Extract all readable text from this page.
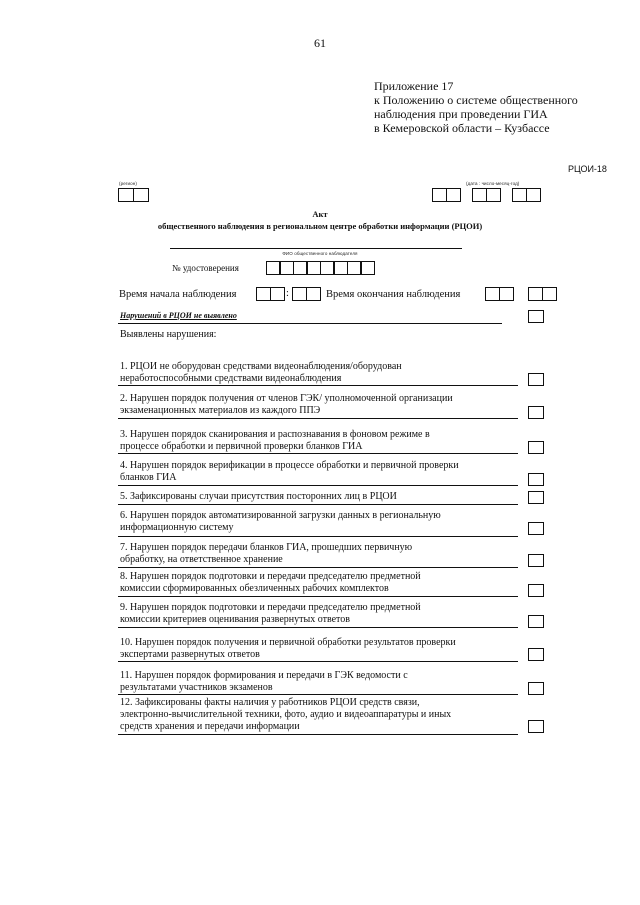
61
Приложение 17
к Положению о системе общественного
наблюдения при проведении ГИА
в Кемеровской области – Кузбассе
РЦОИ-18
(регион)	(дата : число-месяц-год)
Акт
общественного наблюдения в региональном центре обработки информации (РЦОИ)
ФИО общественного наблюдателя
№ удостоверения
Время начала наблюдения	:	Время окончания наблюдения
Нарушений в РЦОИ не выявлено
Выявлены нарушения:
1. РЦОИ не оборудован средствами видеонаблюдения/оборудован
неработоспособными средствами видеонаблюдения
2. Нарушен порядок получения от членов ГЭК/ уполномоченной организации
экзаменационных материалов из каждого ППЭ
3. Нарушен порядок сканирования и распознавания в фоновом режиме в
процессе обработки и первичной проверки бланков ГИА
4. Нарушен порядок верификации в процессе обработки и первичной проверки
бланков ГИА
5. Зафиксированы случаи присутствия посторонних лиц в РЦОИ
6. Нарушен порядок автоматизированной загрузки данных в региональную
информационную систему
7. Нарушен порядок передачи бланков ГИА, прошедших первичную
обработку, на ответственное хранение
8. Нарушен порядок подготовки и передачи председателю предметной
комиссии сформированных обезличенных рабочих комплектов
9. Нарушен порядок подготовки и передачи председателю предметной
комиссии критериев оценивания развернутых ответов
10. Нарушен порядок получения и первичной обработки результатов проверки
экспертами развернутых ответов
11. Нарушен порядок формирования и передачи в ГЭК ведомости с
результатами участников экзаменов
12. Зафиксированы факты наличия у работников РЦОИ средств связи,
электронно-вычислительной техники, фото, аудио и видеоаппаратуры и иных
средств хранения и передачи информации
